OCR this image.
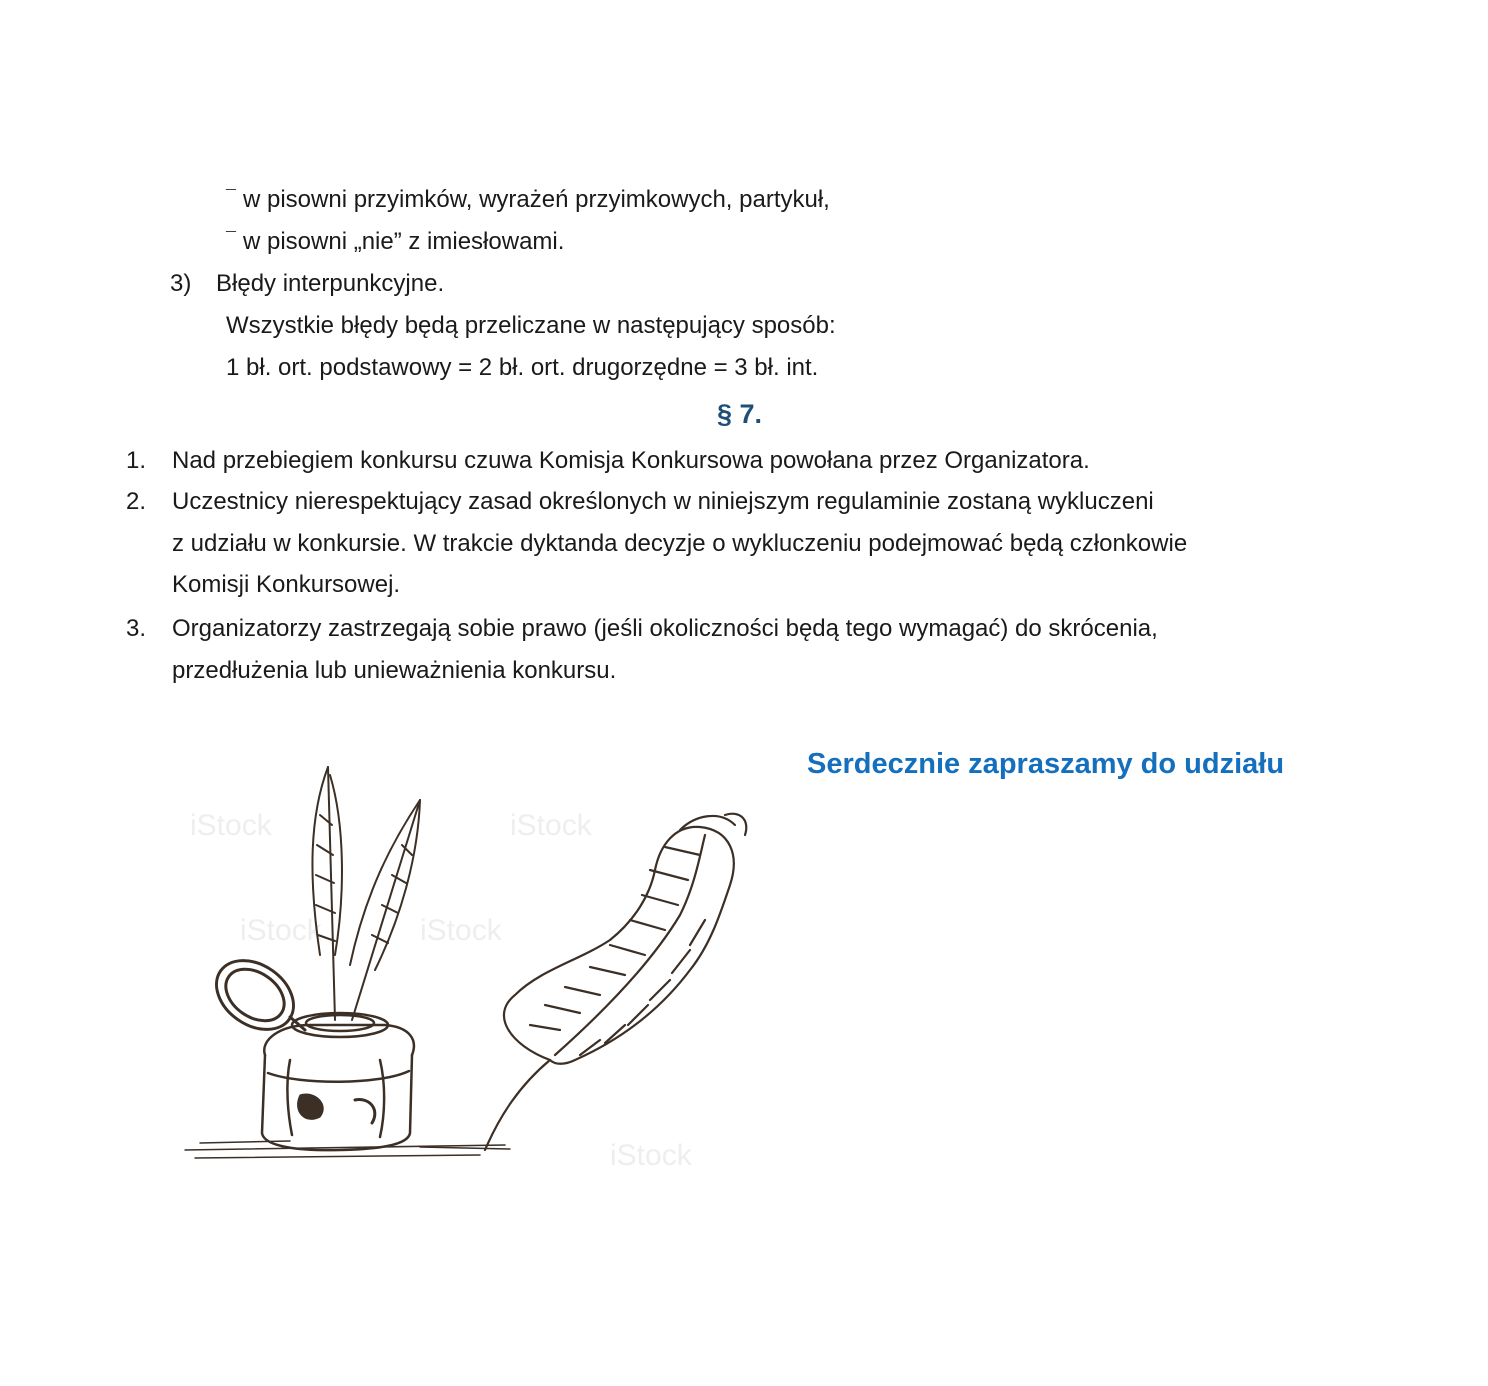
¯ w pisowni przyimków, wyrażeń przyimkowych, partykuł,
¯ w pisowni „nie” z imiesłowami.
3) Błędy interpunkcyjne.
Wszystkie błędy będą przeliczane w następujący sposób:
1 bł. ort. podstawowy = 2 bł. ort. drugorzędne = 3 bł. int.
§ 7.
1. Nad przebiegiem konkursu czuwa Komisja Konkursowa powołana przez Organizatora.
2. Uczestnicy nierespektujący zasad określonych w niniejszym regulaminie zostaną wykluczeni
z udziału w konkursie. W trakcie dyktanda decyzje o wykluczeniu podejmować będą członkowie
Komisji Konkursowej.
3. Organizatorzy zastrzegają sobie prawo (jeśli okoliczności będą tego wymagać) do skrócenia,
przedłużenia lub unieważnienia konkursu.
Serdecznie zapraszamy do udziału
iStock	iStock
iStock	iStock
iStock
